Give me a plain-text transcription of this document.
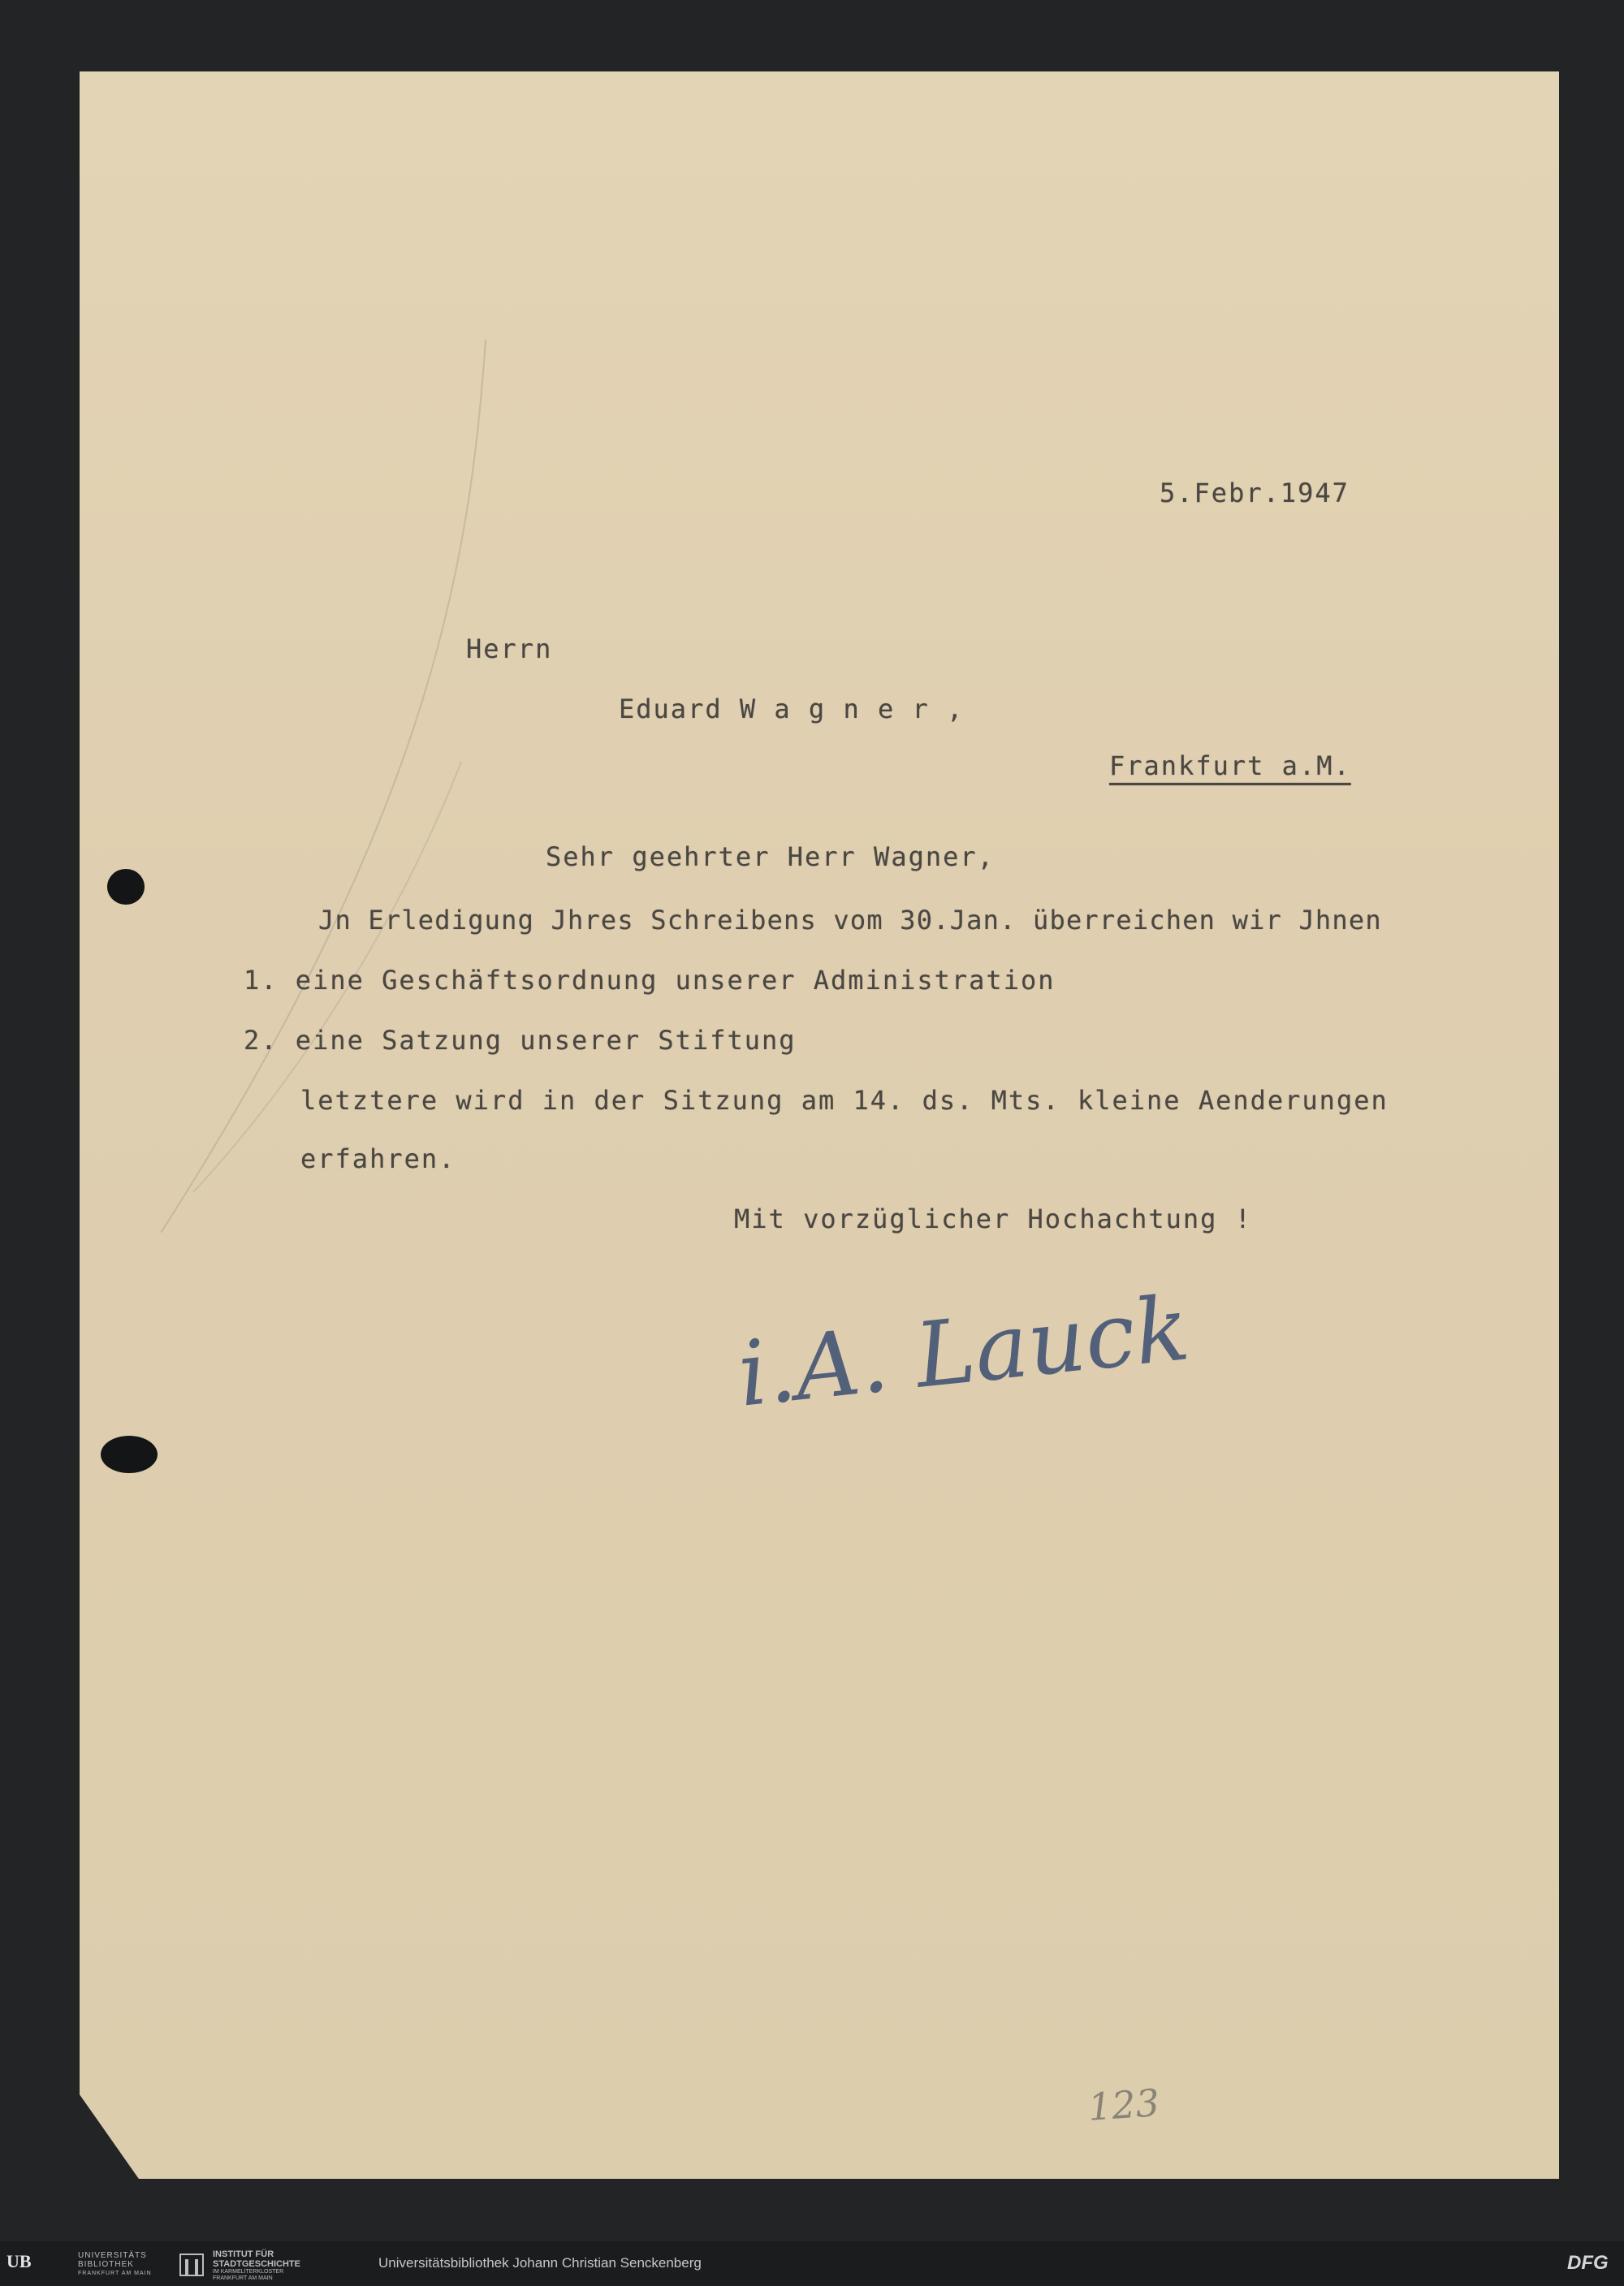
5.Febr.1947
Herrn
Eduard W a g n e r ,
Frankfurt a.M.
Sehr geehrter Herr Wagner,
Jn Erledigung Jhres Schreibens vom 30.Jan. überreichen wir Jhnen
1. eine Geschäftsordnung unserer Administration
2. eine Satzung unserer Stiftung
letztere wird in der Sitzung am 14. ds. Mts. kleine Aenderungen
erfahren.
Mit vorzüglicher Hochachtung !
i.A. Lauck
123
UB	UNIVERSITÄTS
BIBLIOTHEK
FRANKFURT AM MAIN
INSTITUT FÜR
STADTGESCHICHTE
IM KARMELITERKLOSTER
FRANKFURT AM MAIN
Universitätsbibliothek Johann Christian Senckenberg	DFG
